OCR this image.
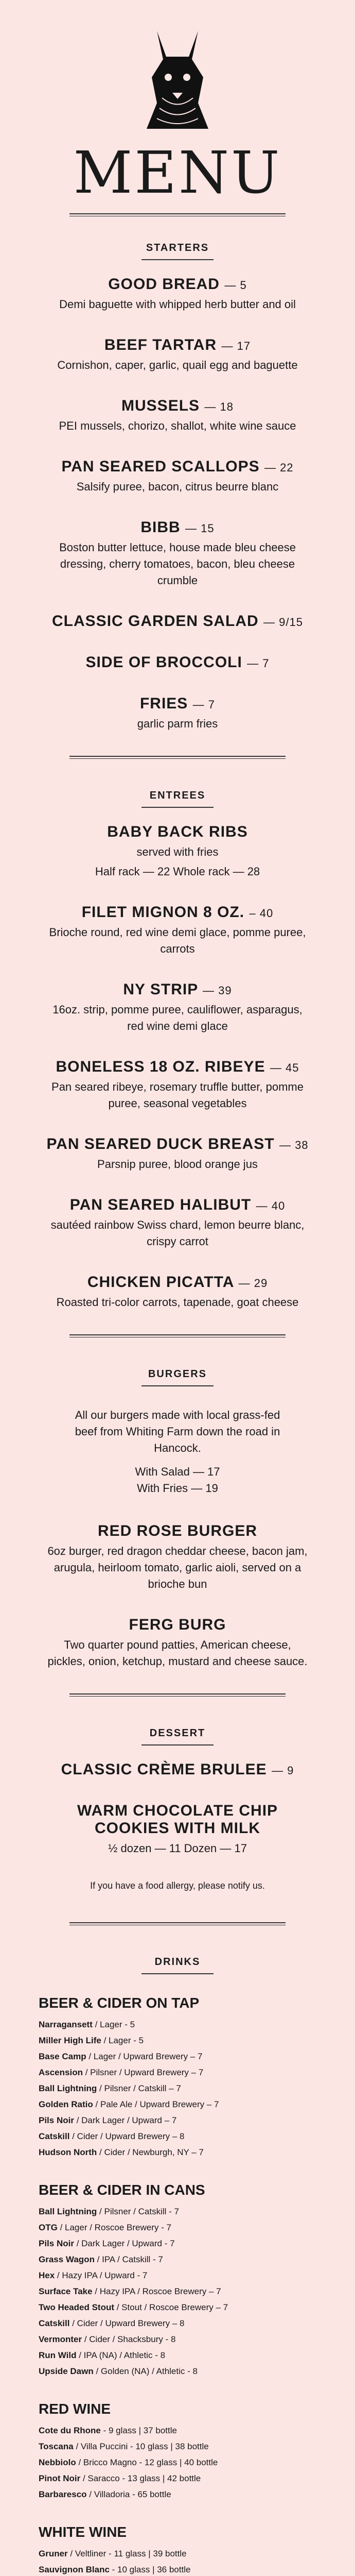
MENU
STARTERS
GOOD BREAD — 5
Demi baguette with whipped herb butter and oil
BEEF TARTAR — 17
Cornishon, caper, garlic, quail egg and baguette
MUSSELS — 18
PEI mussels, chorizo, shallot, white wine sauce
PAN SEARED SCALLOPS — 22
Salsify puree, bacon, citrus beurre blanc
BIBB — 15
Boston butter lettuce, house made bleu cheese dressing, cherry tomatoes, bacon, bleu cheese crumble
CLASSIC GARDEN SALAD — 9/15
SIDE OF BROCCOLI — 7
FRIES — 7
garlic parm fries
ENTREES
BABY BACK RIBS
served with fries
Half rack — 22 Whole rack — 28
FILET MIGNON 8 OZ. – 40
Brioche round, red wine demi glace, pomme puree, carrots
NY STRIP — 39
16oz. strip, pomme puree, cauliflower, asparagus, red wine demi glace
BONELESS 18 OZ. RIBEYE — 45
Pan seared ribeye, rosemary truffle butter, pomme puree, seasonal vegetables
PAN SEARED DUCK BREAST — 38
Parsnip puree, blood orange jus
PAN SEARED HALIBUT — 40
sautéed rainbow Swiss chard, lemon beurre blanc, crispy carrot
CHICKEN PICATTA — 29
Roasted tri-color carrots, tapenade, goat cheese
BURGERS
All our burgers made with local grass-fed beef from Whiting Farm down the road in Hancock.
With Salad — 17
With Fries — 19
RED ROSE BURGER
6oz burger, red dragon cheddar cheese, bacon jam, arugula, heirloom tomato, garlic aioli, served on a brioche bun
FERG BURG
Two quarter pound patties, American cheese, pickles, onion, ketchup, mustard and cheese sauce.
DESSERT
CLASSIC CRÈME BRULEE — 9
WARM CHOCOLATE CHIP COOKIES WITH MILK
½ dozen — 11 Dozen — 17
If you have a food allergy, please notify us.
DRINKS
BEER & CIDER ON TAP
Narragansett / Lager - 5
Miller High Life / Lager - 5
Base Camp / Lager / Upward Brewery – 7
Ascension / Pilsner / Upward Brewery – 7
Ball Lightning / Pilsner / Catskill – 7
Golden Ratio / Pale Ale / Upward Brewery – 7
Pils Noir / Dark Lager / Upward – 7
Catskill / Cider / Upward Brewery – 8
Hudson North / Cider / Newburgh, NY – 7
BEER & CIDER IN CANS
Ball Lightning / Pilsner / Catskill - 7
OTG / Lager / Roscoe Brewery - 7
Pils Noir / Dark Lager / Upward - 7
Grass Wagon / IPA / Catskill - 7
Hex / Hazy IPA / Upward - 7
Surface Take / Hazy IPA / Roscoe Brewery – 7
Two Headed Stout / Stout / Roscoe Brewery – 7
Catskill / Cider / Upward Brewery – 8
Vermonter / Cider / Shacksbury - 8
Run Wild / IPA (NA) / Athletic - 8
Upside Dawn / Golden (NA) / Athletic - 8
RED WINE
Cote du Rhone - 9 glass | 37 bottle
Toscana / Villa Puccini - 10 glass | 38 bottle
Nebbiolo / Bricco Magno - 12 glass | 40 bottle
Pinot Noir / Saracco - 13 glass | 42 bottle
Barbaresco / Villadoria - 65 bottle
WHITE WINE
Gruner / Veltliner - 11 glass | 39 bottle
Sauvignon Blanc - 10 glass | 36 bottle
